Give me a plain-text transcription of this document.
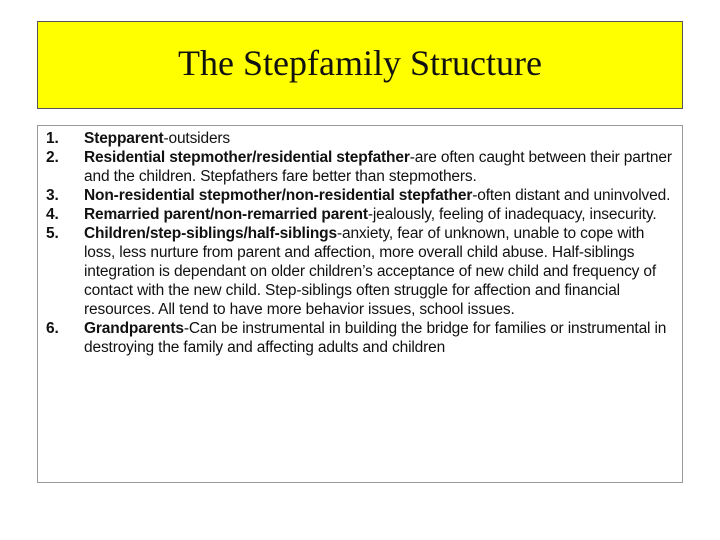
The Stepfamily Structure
1. Stepparent-outsiders
2. Residential stepmother/residential stepfather-are often caught between their partner and the children. Stepfathers fare better than stepmothers.
3. Non-residential stepmother/non-residential stepfather-often distant and uninvolved.
4. Remarried parent/non-remarried parent-jealously, feeling of inadequacy, insecurity.
5. Children/step-siblings/half-siblings-anxiety, fear of unknown, unable to cope with loss, less nurture from parent and affection, more overall child abuse. Half-siblings integration is dependant on older children’s acceptance of new child and frequency of contact with the new child. Step-siblings often struggle for affection and financial resources. All tend to have more behavior issues, school issues.
6. Grandparents-Can be instrumental in building the bridge for families or instrumental in destroying the family and affecting adults and children
